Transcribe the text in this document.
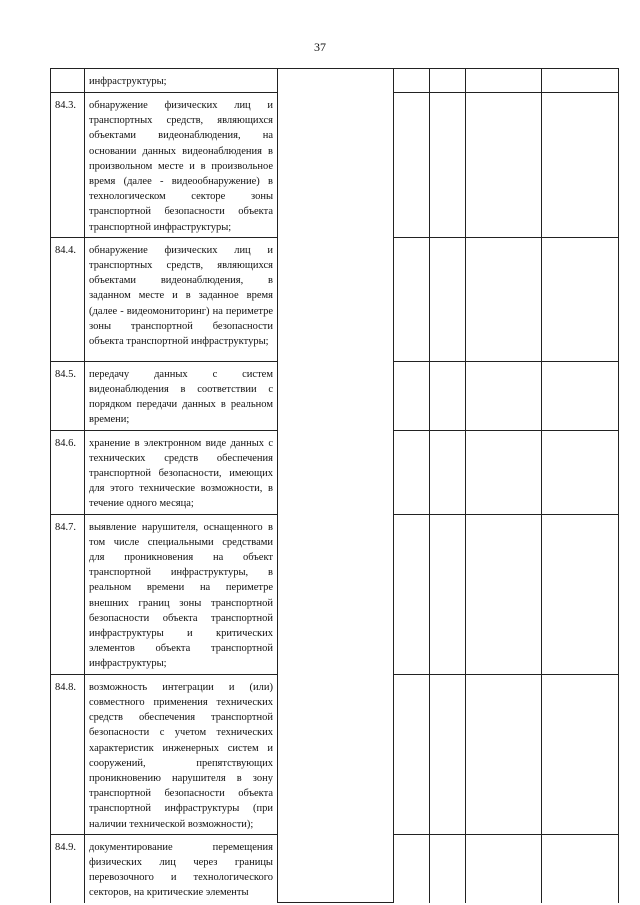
37
	инфраструктуры;					
84.3.	обнаружение физических лиц и транспортных средств, являющихся объектами видеонаблюдения, на основании данных видеонаблюдения в произвольном месте и в произвольное время (далее - видеообнаружение) в технологическом секторе зоны транспортной безопасности объекта транспортной инфраструктуры;					
84.4.	обнаружение физических лиц и транспортных средств, являющихся объектами видеонаблюдения, в заданном месте и в заданное время (далее - видеомониторинг) на периметре зоны транспортной безопасности объекта транспортной инфраструктуры;					
84.5.	передачу данных с систем видеонаблюдения в соответствии с порядком передачи данных в реальном времени;					
84.6.	хранение в электронном виде данных с технических средств обеспечения транспортной безопасности, имеющих для этого технические возможности, в течение одного месяца;					
84.7.	выявление нарушителя, оснащенного в том числе специальными средствами для проникновения на объект транспортной инфраструктуры, в реальном времени на периметре внешних границ зоны транспортной безопасности объекта транспортной инфраструктуры и критических элементов объекта транспортной инфраструктуры;					
84.8.	возможность интеграции и (или) совместного применения технических средств обеспечения транспортной безопасности с учетом технических характеристик инженерных систем и сооружений, препятствующих проникновению нарушителя в зону транспортной безопасности объекта транспортной инфраструктуры (при наличии технической возможности);					
84.9.	документирование перемещения физических лиц через границы перевозочного и технологического секторов, на критические элементы					
